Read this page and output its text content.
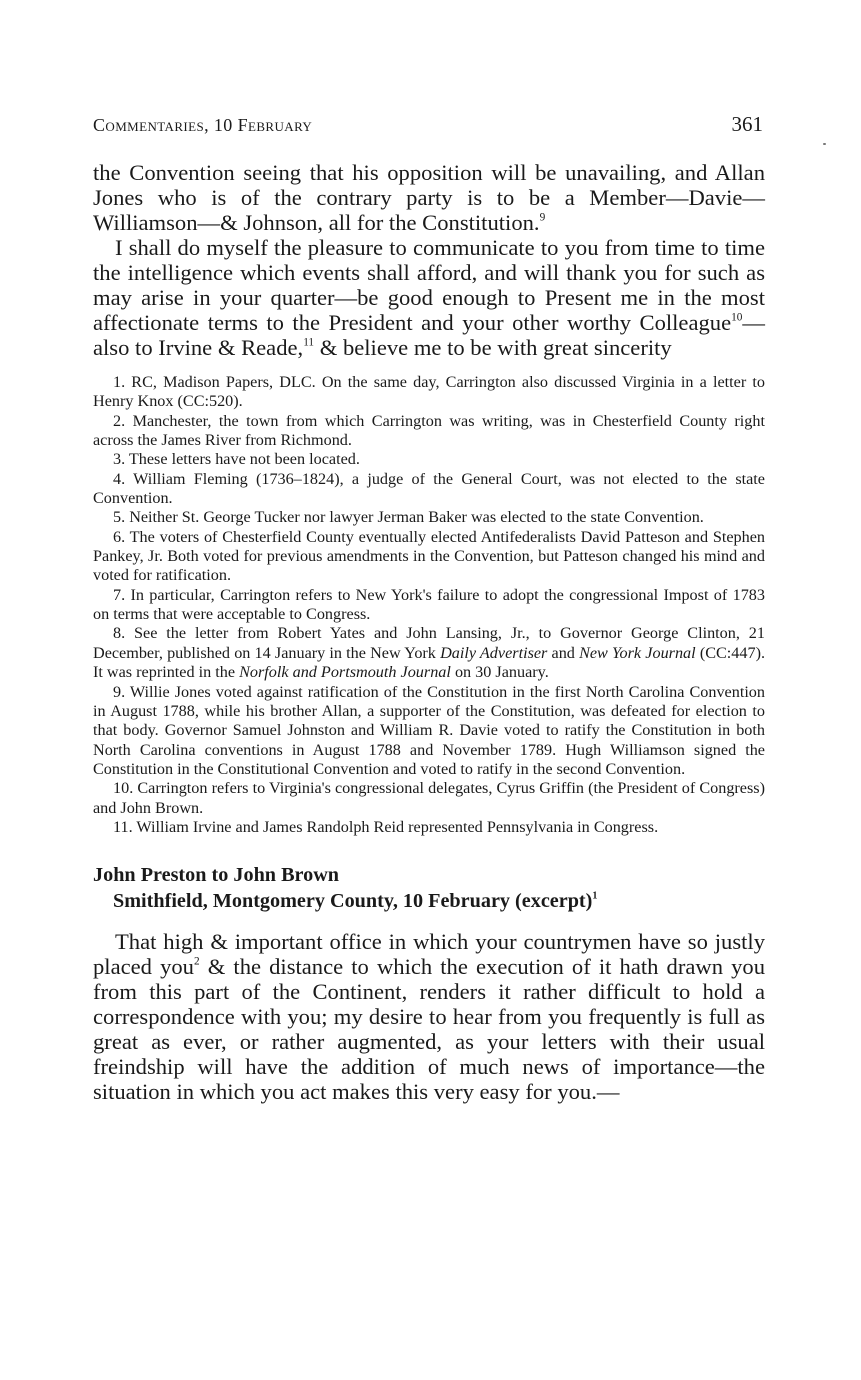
Commentaries, 10 February	361

the Convention seeing that his opposition will be unavailing, and Allan Jones who is of the contrary party is to be a Member—Davie—Williamson—& Johnson, all for the Constitution.$^9$

I shall do myself the pleasure to communicate to you from time to time the intelligence which events shall afford, and will thank you for such as may arise in your quarter—be good enough to Present me in the most affectionate terms to the President and your other worthy Colleague$^{10}$—also to Irvine & Reade,$^{11}$ & believe me to be with great sincerity

1. RC, Madison Papers, DLC. On the same day, Carrington also discussed Virginia in a letter to Henry Knox (CC:520).

2. Manchester, the town from which Carrington was writing, was in Chesterfield County right across the James River from Richmond.

3. These letters have not been located.

4. William Fleming (1736–1824), a judge of the General Court, was not elected to the state Convention.

5. Neither St. George Tucker nor lawyer Jerman Baker was elected to the state Convention.

6. The voters of Chesterfield County eventually elected Antifederalists David Patteson and Stephen Pankey, Jr. Both voted for previous amendments in the Convention, but Patteson changed his mind and voted for ratification.

7. In particular, Carrington refers to New York's failure to adopt the congressional Impost of 1783 on terms that were acceptable to Congress.

8. See the letter from Robert Yates and John Lansing, Jr., to Governor George Clinton, 21 December, published on 14 January in the New York Daily Advertiser and New York Journal (CC:447). It was reprinted in the Norfolk and Portsmouth Journal on 30 January.

9. Willie Jones voted against ratification of the Constitution in the first North Carolina Convention in August 1788, while his brother Allan, a supporter of the Constitution, was defeated for election to that body. Governor Samuel Johnston and William R. Davie voted to ratify the Constitution in both North Carolina conventions in August 1788 and November 1789. Hugh Williamson signed the Constitution in the Constitutional Convention and voted to ratify in the second Convention.

10. Carrington refers to Virginia's congressional delegates, Cyrus Griffin (the President of Congress) and John Brown.

11. William Irvine and James Randolph Reid represented Pennsylvania in Congress.

John Preston to John Brown
Smithfield, Montgomery County, 10 February (excerpt)$^1$

That high & important office in which your countrymen have so justly placed you$^2$ & the distance to which the execution of it hath drawn you from this part of the Continent, renders it rather difficult to hold a correspondence with you; my desire to hear from you frequently is full as great as ever, or rather augmented, as your letters with their usual freindship will have the addition of much news of importance—the situation in which you act makes this very easy for you.—
